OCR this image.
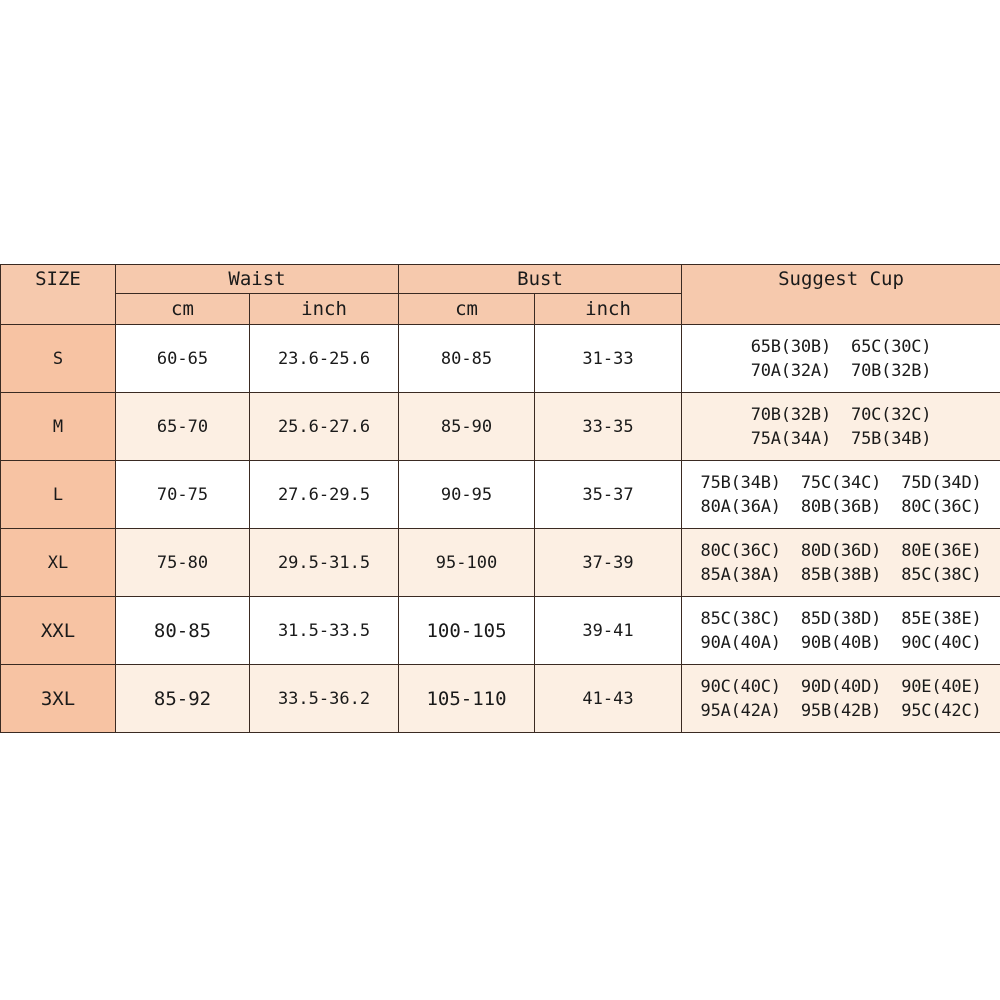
SIZE	Waist		Bust		Suggest Cup
	cm	inch	cm	inch	
S	60-65	23.6-25.6	80-85	31-33	65B(30B)  65C(30C)
70A(32A)  70B(32B)

M	65-70	25.6-27.6	85-90	33-35	70B(32B)  70C(32C)
75A(34A)  75B(34B)

L	70-75	27.6-29.5	90-95	35-37	75B(34B)  75C(34C)  75D(34D)
80A(36A)  80B(36B)  80C(36C)

XL	75-80	29.5-31.5	95-100	37-39	80C(36C)  80D(36D)  80E(36E)
85A(38A)  85B(38B)  85C(38C)

XXL	80-85	31.5-33.5	100-105	39-41	85C(38C)  85D(38D)  85E(38E)
90A(40A)  90B(40B)  90C(40C)

3XL	85-92	33.5-36.2	105-110	41-43	90C(40C)  90D(40D)  90E(40E)
95A(42A)  95B(42B)  95C(42C)
